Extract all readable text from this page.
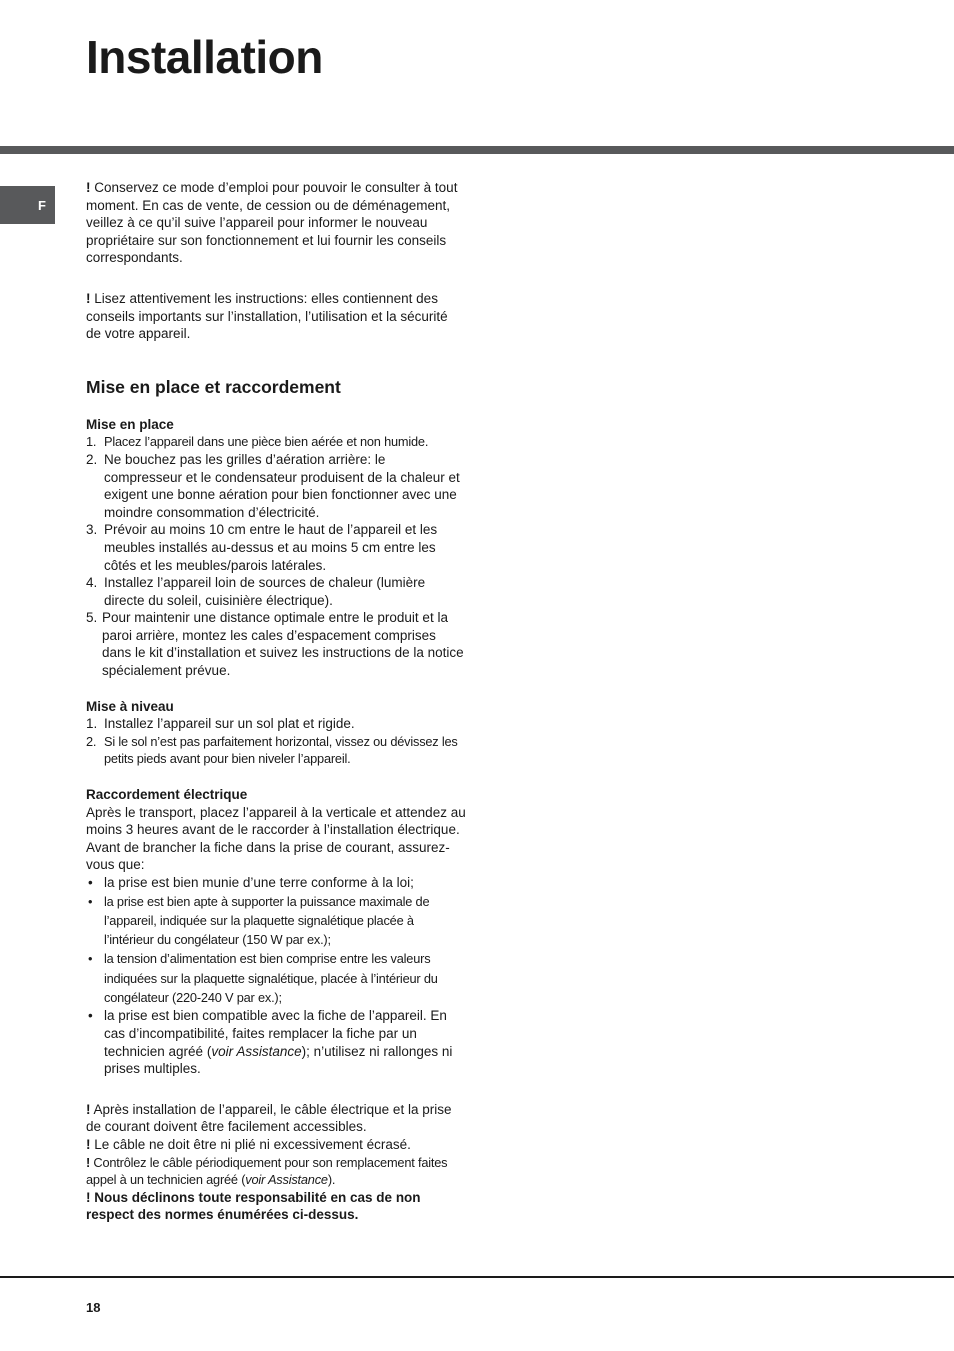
Installation
F

! Conservez ce mode d’emploi pour pouvoir le consulter à tout moment. En cas de vente, de cession ou de déménagement, veillez à ce qu’il suive l’appareil pour informer le nouveau propriétaire sur son fonctionnement et lui fournir les conseils correspondants.

! Lisez attentivement les instructions: elles contiennent des conseils importants sur l’installation, l’utilisation et la sécurité de votre appareil.

Mise en place et raccordement

Mise en place

1. Placez l’appareil dans une pièce bien aérée et non humide.
2. Ne bouchez pas les grilles d’aération arrière: le compresseur et le condensateur produisent de la chaleur et exigent une bonne aération pour bien fonctionner avec une moindre consommation d’électricité.
3. Prévoir au moins 10 cm entre le haut de l’appareil et les meubles installés au-dessus et au moins 5 cm entre les côtés et les meubles/parois latérales.
4. Installez l’appareil loin de sources de chaleur (lumière directe du soleil, cuisinière électrique).
5. Pour maintenir une distance optimale entre le produit et la paroi arrière, montez les cales d’espacement comprises dans le kit d’installation et suivez les instructions de la notice spécialement prévue.

Mise à niveau

1. Installez l’appareil sur un sol plat et rigide.
2. Si le sol n’est pas parfaitement horizontal, vissez ou dévissez les petits pieds avant pour bien niveler l’appareil.

Raccordement électrique

Après le transport, placez l’appareil à la verticale et attendez au moins 3 heures avant de le raccorder à l’installation électrique. Avant de brancher la fiche dans la prise de courant, assurez-vous que:

• la prise est bien munie d’une terre conforme à la loi;
• la prise est bien apte à supporter la puissance maximale de l’appareil, indiquée sur la plaquette signalétique placée à l’intérieur du congélateur (150 W par ex.);
• la tension d’alimentation est bien comprise entre les valeurs indiquées sur la plaquette signalétique, placée à l’intérieur du congélateur (220-240 V par ex.);
• la prise est bien compatible avec la fiche de l’appareil. En cas d’incompatibilité, faites remplacer la fiche par un technicien agréé (voir Assistance); n’utilisez ni rallonges ni prises multiples.

! Après installation de l’appareil, le câble électrique et la prise de courant doivent être facilement accessibles.

! Le câble ne doit être ni plié ni excessivement écrasé.

! Contrôlez le câble périodiquement pour son remplacement faites appel à un technicien agréé (voir Assistance).

! Nous déclinons toute responsabilité en cas de non respect des normes énumérées ci-dessus.

18
